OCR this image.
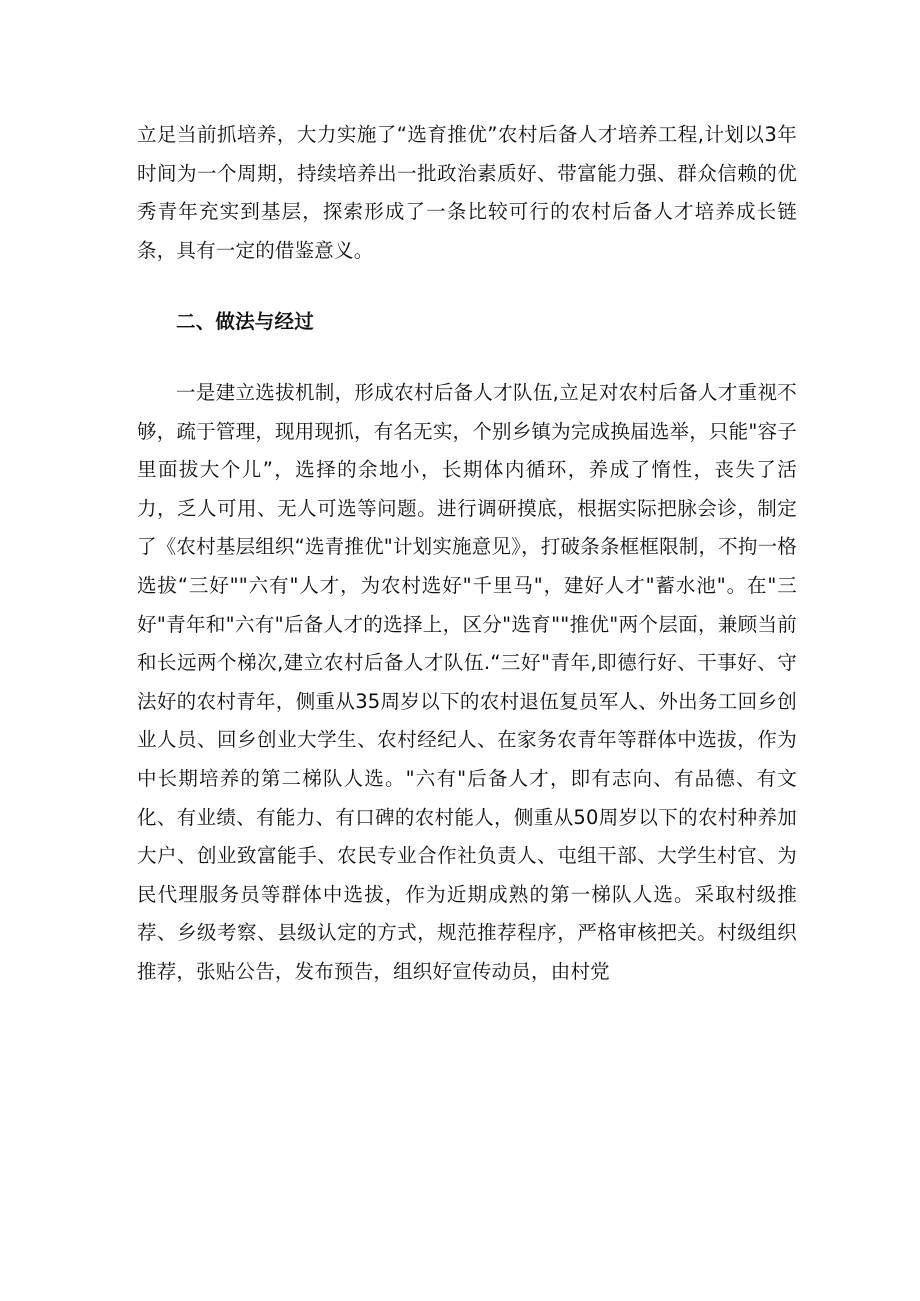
立足当前抓培养，大力实施了“选育推优”农村后备人才培养工程,计划以3年时间为一个周期，持续培养出一批政治素质好、带富能力强、群众信赖的优秀青年充实到基层，探索形成了一条比较可行的农村后备人才培养成长链条，具有一定的借鉴意义。

二、做法与经过

一是建立选拔机制，形成农村后备人才队伍,立足对农村后备人才重视不够，疏于管理，现用现抓，有名无实，个别乡镇为完成换届选举，只能"容子里面拔大个儿”，选择的余地小，长期体内循环，养成了惰性，丧失了活力，乏人可用、无人可选等问题。进行调研摸底，根据实际把脉会诊，制定了《农村基层组织“选青推优"计划实施意见》，打破条条框框限制，不拘一格选拔“三好""六有"人才，为农村选好"千里马"，建好人才"蓄水池"。在"三好"青年和"六有"后备人才的选择上，区分"选育""推优"两个层面，兼顾当前和长远两个梯次,建立农村后备人才队伍.“三好"青年,即德行好、干事好、守法好的农村青年，侧重从35周岁以下的农村退伍复员军人、外出务工回乡创业人员、回乡创业大学生、农村经纪人、在家务农青年等群体中选拔，作为中长期培养的第二梯队人选。"六有"后备人才，即有志向、有品德、有文化、有业绩、有能力、有口碑的农村能人，侧重从50周岁以下的农村种养加大户、创业致富能手、农民专业合作社负责人、屯组干部、大学生村官、为民代理服务员等群体中选拔，作为近期成熟的第一梯队人选。采取村级推荐、乡级考察、县级认定的方式，规范推荐程序，严格审核把关。村级组织推荐，张贴公告，发布预告，组织好宣传动员，由村党
